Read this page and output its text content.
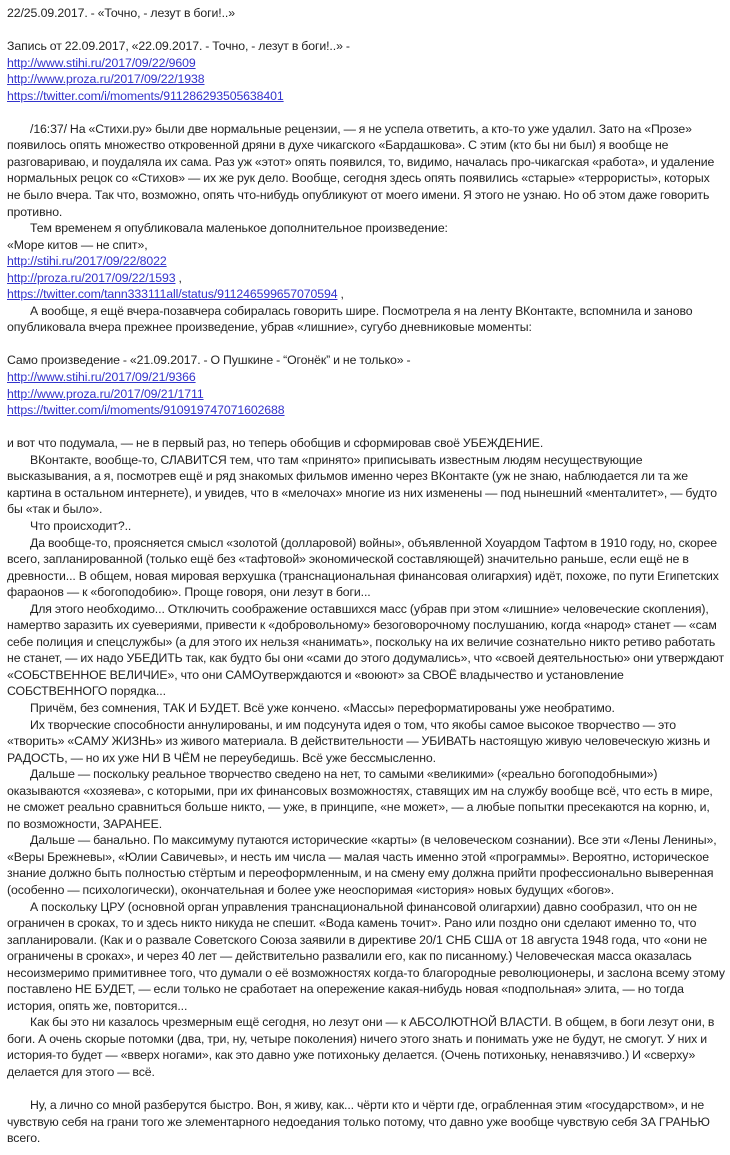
22/25.09.2017. - «Точно, - лезут в боги!..»
Запись от 22.09.2017, «22.09.2017. - Точно, - лезут в боги!..» -
http://www.stihi.ru/2017/09/22/9609
http://www.proza.ru/2017/09/22/1938
https://twitter.com/i/moments/911286293505638401
/16:37/ На «Стихи.ру» были две нормальные рецензии, — я не успела ответить, а кто-то уже удалил. Зато на «Прозе» появилось опять множество откровенной дряни в духе чикагского «Бардашкова». С этим (кто бы ни был) я вообще не разговариваю, и поудаляла их сама. Раз уж «этот» опять появился, то, видимо, началась про-чикагская «работа», и удаление нормальных рецок со «Стихов» — их же рук дело. Вообще, сегодня здесь опять появились «старые» «террористы», которых не было вчера. Так что, возможно, опять что-нибудь опубликуют от моего имени. Я этого не узнаю. Но об этом даже говорить противно.
Тем временем я опубликовала маленькое дополнительное произведение:
«Море китов — не спит»,
http://stihi.ru/2017/09/22/8022
http://proza.ru/2017/09/22/1593 ,
https://twitter.com/tann333111all/status/911246599657070594 ,
А вообще, я ещё вчера-позавчера собиралась говорить шире. Посмотрела я на ленту ВКонтакте, вспомнила и заново опубликовала вчера прежнее произведение, убрав «лишние», сугубо дневниковые моменты:
Само произведение - «21.09.2017. - О Пушкине - “Огонёк” и не только» -
http://www.stihi.ru/2017/09/21/9366
http://www.proza.ru/2017/09/21/1711
https://twitter.com/i/moments/910919747071602688
и вот что подумала, — не в первый раз, но теперь обобщив и сформировав своё УБЕЖДЕНИЕ.
ВКонтакте, вообще-то, СЛАВИТСЯ тем, что там «принято» приписывать известным людям несуществующие высказывания, а я, посмотрев ещё и ряд знакомых фильмов именно через ВКонтакте (уж не знаю, наблюдается ли та же картина в остальном интернете), и увидев, что в «мелочах» многие из них изменены — под нынешний «менталитет», — будто бы «так и было».
Что происходит?..
Да вообще-то, проясняется смысл «золотой (долларовой) войны», объявленной Хоуардом Тафтом в 1910 году, но, скорее всего, запланированной (только ещё без «тафтовой» экономической составляющей) значительно раньше, если ещё не в древности... В общем, новая мировая верхушка (транснациональная финансовая олигархия) идёт, похоже, по пути Египетских фараонов — к «богоподобию». Проще говоря, они лезут в боги...
Для этого необходимо... Отключить соображение оставшихся масс (убрав при этом «лишние» человеческие скопления), намертво заразить их суевериями, привести к «добровольному» безоговорочному послушанию, когда «народ» станет — «сам себе полиция и спецслужбы» (а для этого их нельзя «нанимать», поскольку на их величие сознательно никто ретиво работать не станет, — их надо УБЕДИТЬ так, как будто бы они «сами до этого додумались», что «своей деятельностью» они утверждают «СОБСТВЕННОЕ ВЕЛИЧИЕ», что они САМОутверждаются и «воюют» за СВОЁ владычество и установление СОБСТВЕННОГО порядка...
Причём, без сомнения, ТАК И БУДЕТ. Всё уже кончено. «Массы» переформатированы уже необратимо.
Их творческие способности аннулированы, и им подсунута идея о том, что якобы самое высокое творчество — это «творить» «САМУ ЖИЗНЬ» из живого материала. В действительности — УБИВАТЬ настоящую живую человеческую жизнь и РАДОСТЬ, — но их уже НИ В ЧЁМ не переубедишь. Всё уже бессмысленно.
Дальше — поскольку реальное творчество сведено на нет, то самыми «великими» («реально богоподобными») оказываются «хозяева», с которыми, при их финансовых возможностях, ставящих им на службу вообще всё, что есть в мире, не сможет реально сравниться больше никто, — уже, в принципе, «не может», — а любые попытки пресекаются на корню, и, по возможности, ЗАРАНЕЕ.
Дальше — банально. По максимуму путаются исторические «карты» (в человеческом сознании). Все эти «Лены Ленины», «Веры Брежневы», «Юлии Савичевы», и несть им числа — малая часть именно этой «программы». Вероятно, историческое знание должно быть полностью стёртым и переоформленным, и на смену ему должна прийти профессионально выверенная (особенно — психологически), окончательная и более уже неоспоримая «история» новых будущих «богов».
А поскольку ЦРУ (основной орган управления транснациональной финансовой олигархии) давно сообразил, что он не ограничен в сроках, то и здесь никто никуда не спешит. «Вода камень точит». Рано или поздно они сделают именно то, что запланировали. (Как и о развале Советского Союза заявили в директиве 20/1 СНБ США от 18 августа 1948 года, что «они не ограничены в сроках», и через 40 лет — действительно развалили его, как по писанному.) Человеческая масса оказалась несоизмеримо примитивнее того, что думали о её возможностях когда-то благородные революционеры, и заслона всему этому поставлено НЕ БУДЕТ, — если только не сработает на опережение какая-нибудь новая «подпольная» элита, — но тогда история, опять же, повторится...
Как бы это ни казалось чрезмерным ещё сегодня, но лезут они — к АБСОЛЮТНОЙ ВЛАСТИ. В общем, в боги лезут они, в боги. А очень скорые потомки (два, три, ну, четыре поколения) ничего этого знать и понимать уже не будут, не смогут. У них и история-то будет — «вверх ногами», как это давно уже потихоньку делается. (Очень потихоньку, ненавязчиво.) И «сверху» делается для этого — всё.
Ну, а лично со мной разберутся быстро. Вон, я живу, как... чёрти кто и чёрти где, ограбленная этим «государством», и не чувствую себя на грани того же элементарного недоедания только потому, что давно уже вообще чувствую себя ЗА ГРАНЬЮ всего.
